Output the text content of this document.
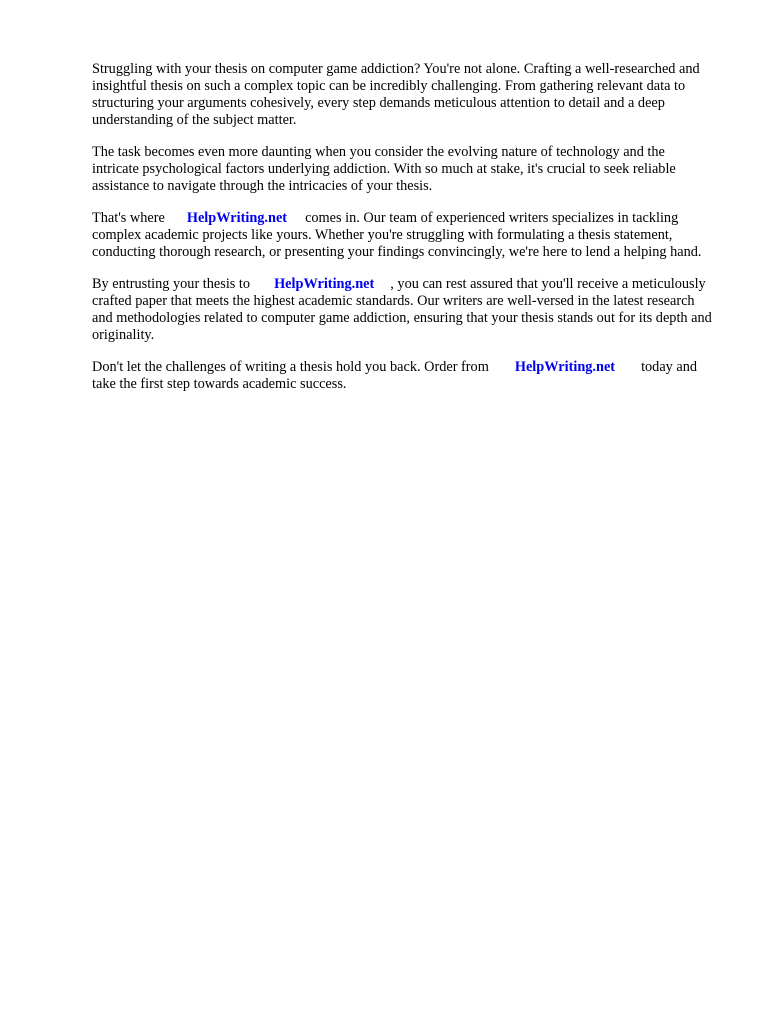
Struggling with your thesis on computer game addiction? You're not alone. Crafting a well-researched and insightful thesis on such a complex topic can be incredibly challenging. From gathering relevant data to structuring your arguments cohesively, every step demands meticulous attention to detail and a deep understanding of the subject matter.

The task becomes even more daunting when you consider the evolving nature of technology and the intricate psychological factors underlying addiction. With so much at stake, it's crucial to seek reliable assistance to navigate through the intricacies of your thesis.

That's where HelpWriting.net comes in. Our team of experienced writers specializes in tackling complex academic projects like yours. Whether you're struggling with formulating a thesis statement, conducting thorough research, or presenting your findings convincingly, we're here to lend a helping hand.

By entrusting your thesis to HelpWriting.net , you can rest assured that you'll receive a meticulously crafted paper that meets the highest academic standards. Our writers are well-versed in the latest research and methodologies related to computer game addiction, ensuring that your thesis stands out for its depth and originality.

Don't let the challenges of writing a thesis hold you back. Order from HelpWriting.net today and take the first step towards academic success.
